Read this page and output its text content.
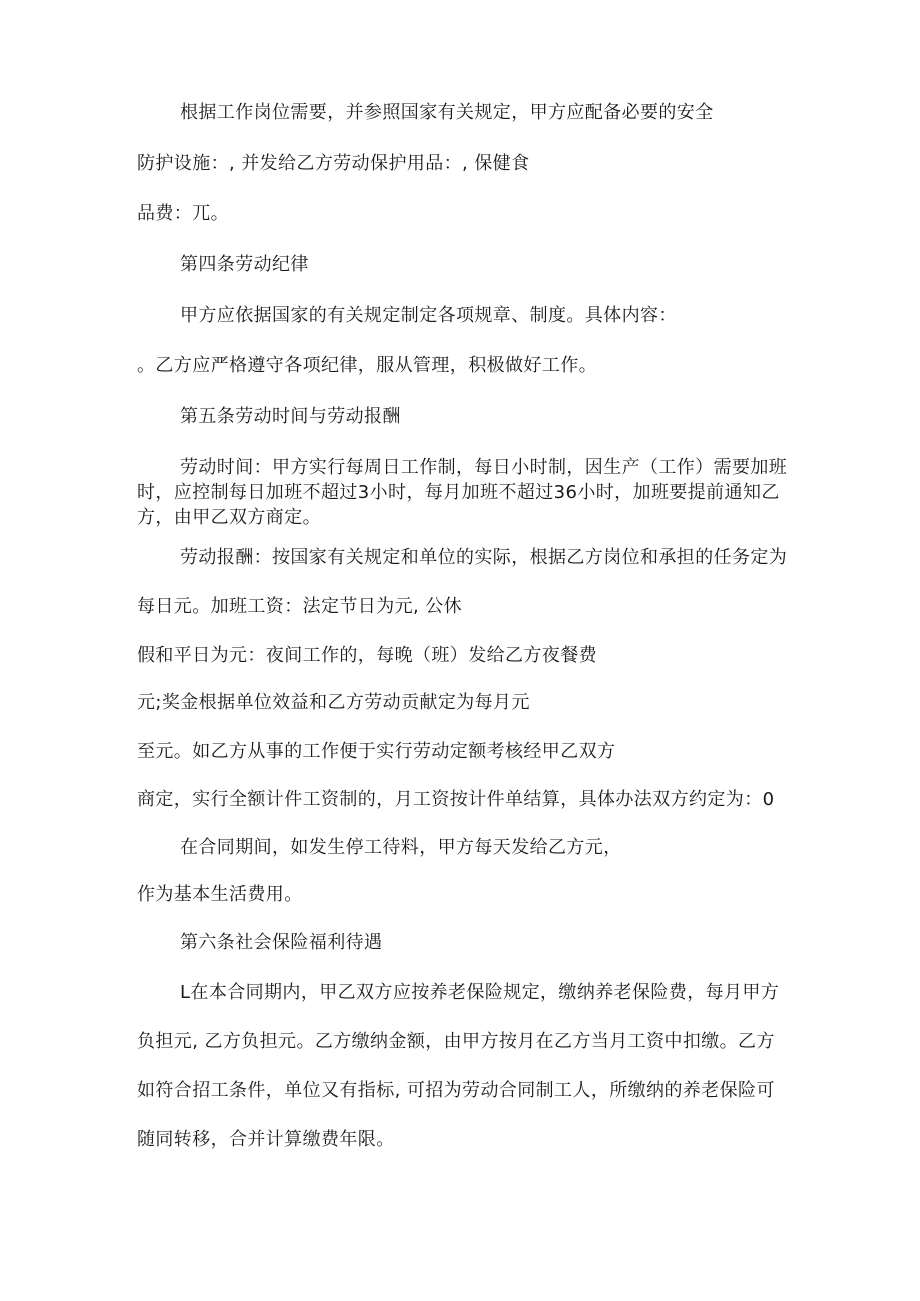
根据工作岗位需要，并参照国家有关规定，甲方应配备必要的安全
防护设施：, 并发给乙方劳动保护用品：, 保健食
品费：兀。
第四条劳动纪律
甲方应依据国家的有关规定制定各项规章、制度。具体内容：
。乙方应严格遵守各项纪律，服从管理，积极做好工作。
第五条劳动时间与劳动报酬
劳动时间：甲方实行每周日工作制，每日小时制，因生产（工作）需要加班
时，应控制每日加班不超过3小时，每月加班不超过36小时，加班要提前通知乙
方，由甲乙双方商定。
劳动报酬：按国家有关规定和单位的实际，根据乙方岗位和承担的任务定为
每日元。加班工资：法定节日为元, 公休
假和平日为元：夜间工作的，每晚（班）发给乙方夜餐费
元;奖金根据单位效益和乙方劳动贡献定为每月元
至元。如乙方从事的工作便于实行劳动定额考核经甲乙双方
商定，实行全额计件工资制的，月工资按计件单结算，具体办法双方约定为：0
在合同期间，如发生停工待料，甲方每天发给乙方元，
作为基本生活费用。
第六条社会保险福利待遇
L在本合同期内，甲乙双方应按养老保险规定，缴纳养老保险费，每月甲方
负担元, 乙方负担元。乙方缴纳金额，由甲方按月在乙方当月工资中扣缴。乙方
如符合招工条件，单位又有指标, 可招为劳动合同制工人，所缴纳的养老保险可
随同转移，合并计算缴费年限。
